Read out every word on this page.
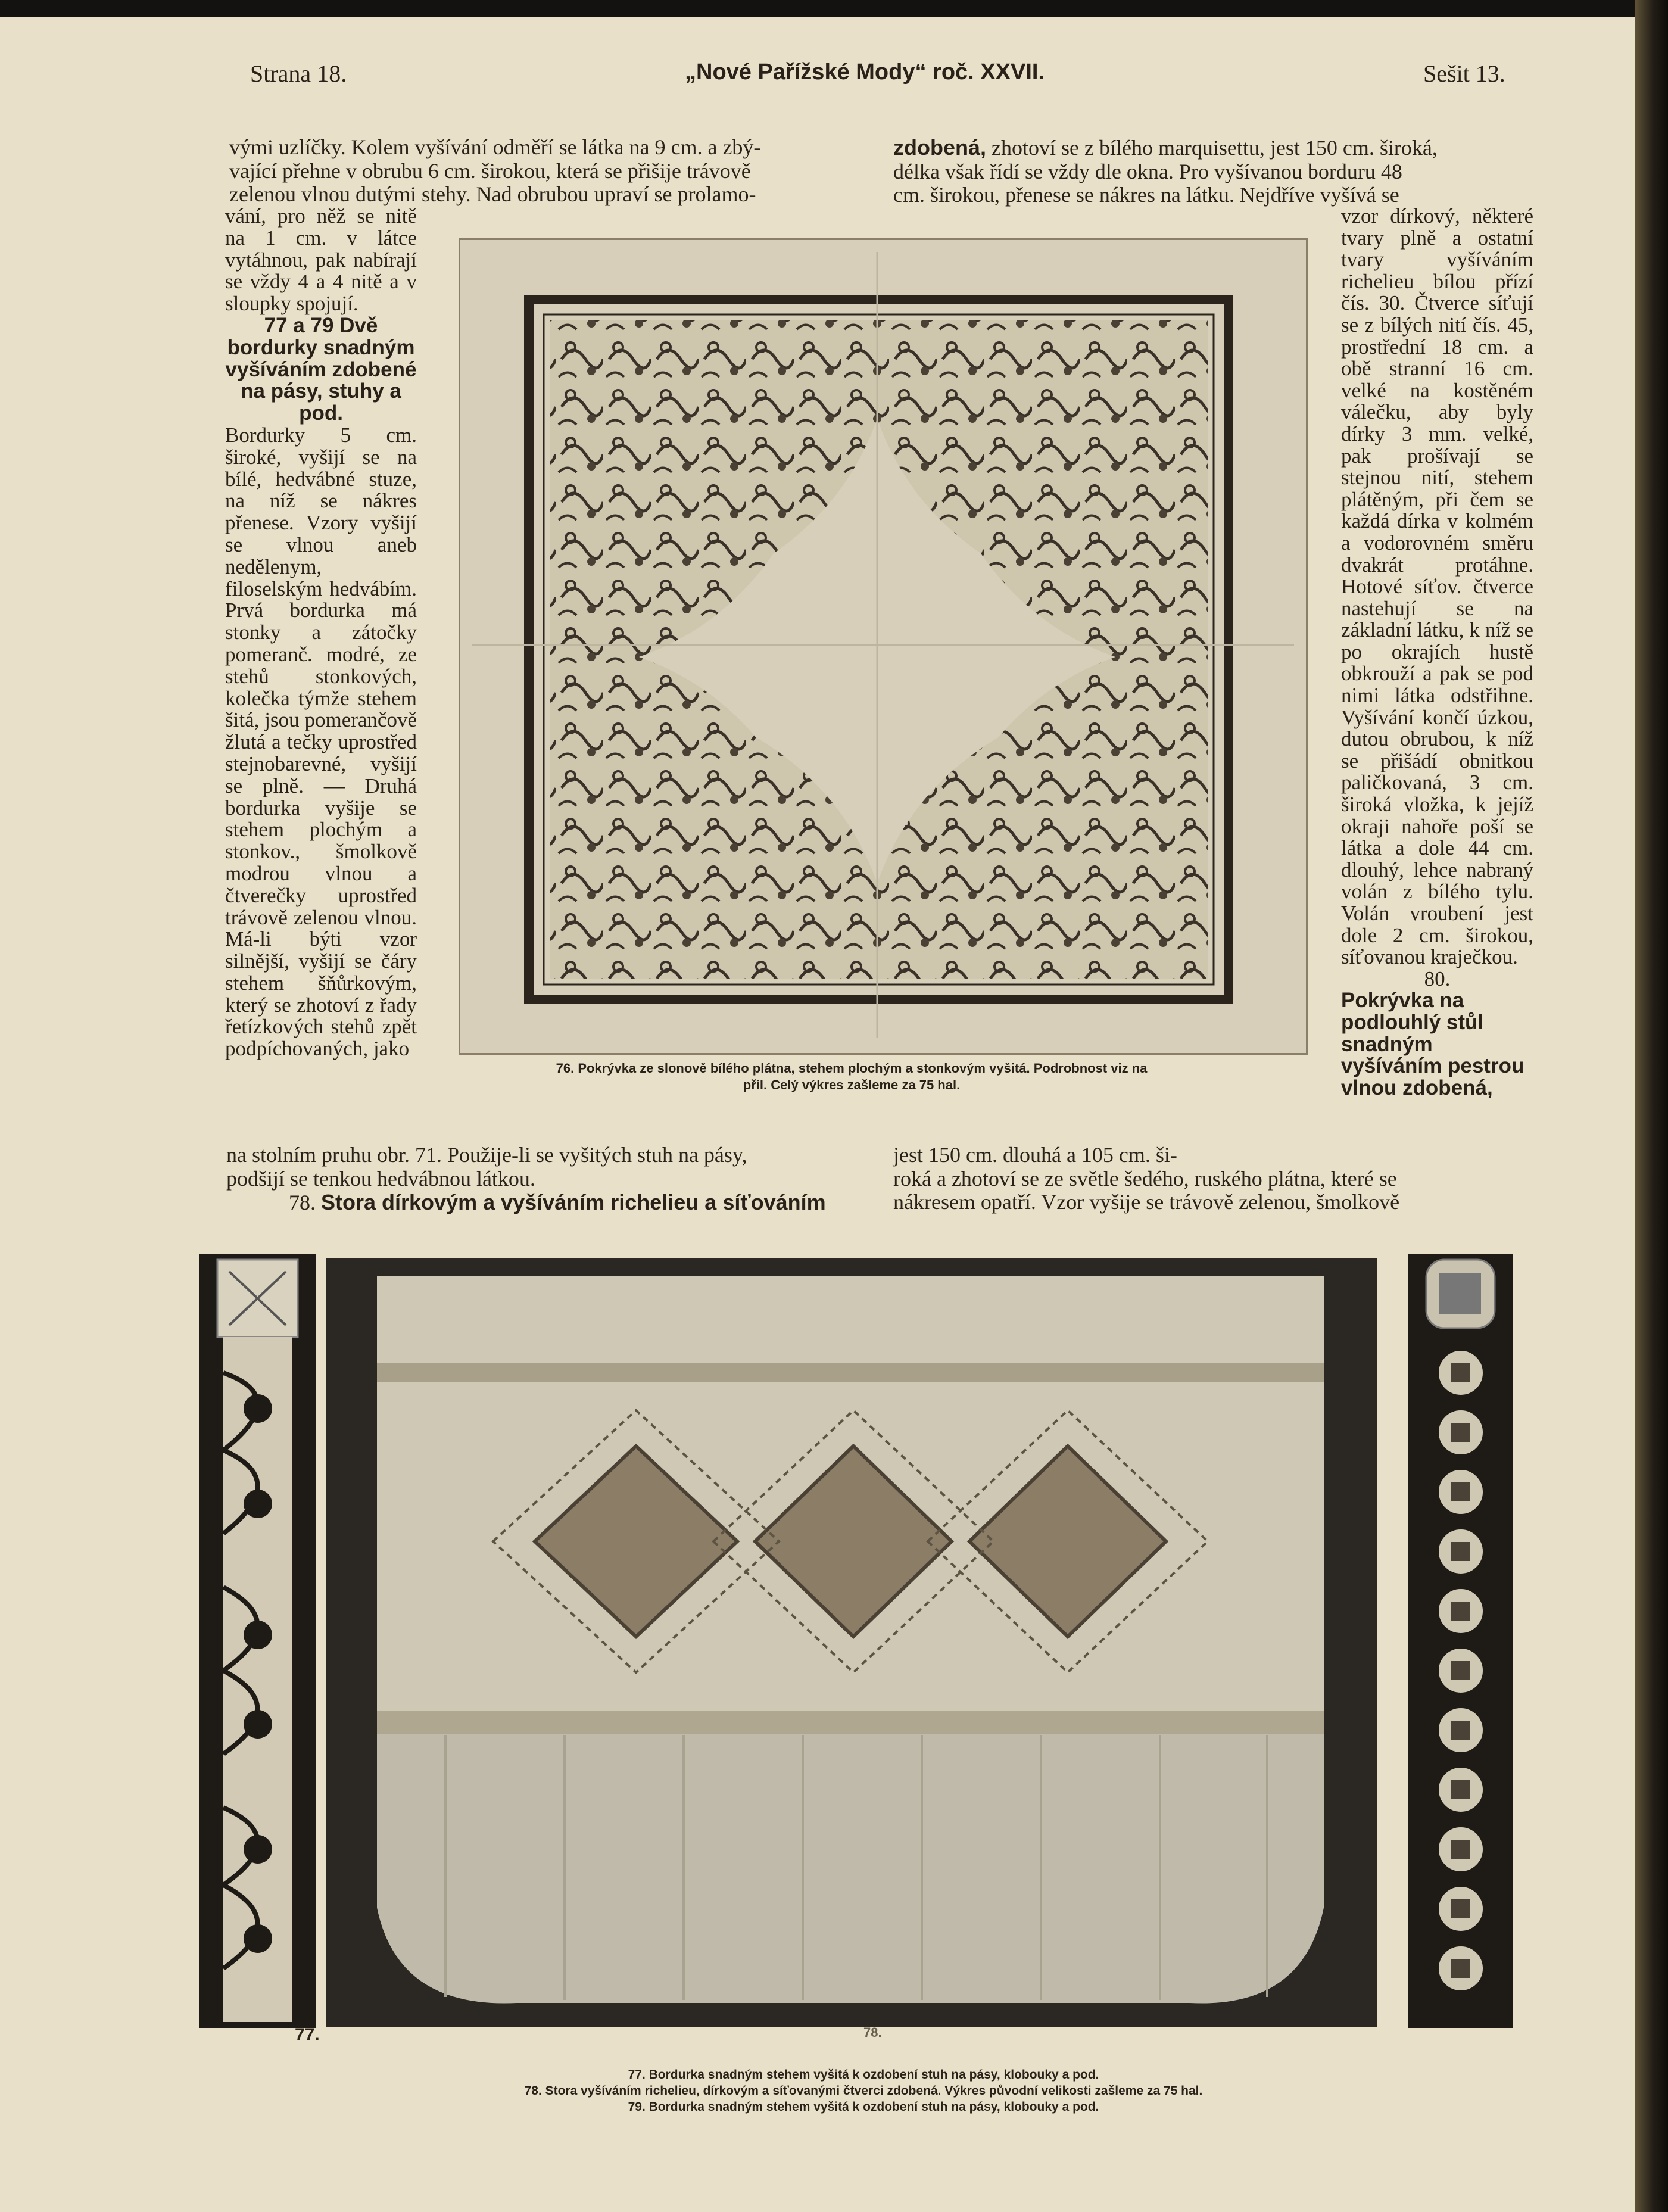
Strana 18.	„Nové Pařížské Mody“ roč. XXVII.	Sešit 13.

vými uzlíčky. Kolem vyšívání odměří se látka na 9 cm. a zbý-

vající přehne v obrubu 6 cm. širokou, která se přišije trávově

zelenou vlnou dutými stehy. Nad obrubou upraví se prolamo-

vání, pro něž se nitě na 1 cm. v látce vytáhnou, pak nabírají se vždy 4 a 4 nitě a v sloupky spojují.

77 a 79 Dvě bordurky snadným vyšíváním zdobené na pásy, stuhy a pod.

Bordurky 5 cm. široké, vyšijí se na bílé, hedvábné stuze, na níž se nákres přenese. Vzory vyšijí se vlnou aneb nedělenym, filoselským hedvábím. Prvá bordurka má stonky a zátočky pomeranč. modré, ze stehů stonkových, kolečka týmže stehem šitá, jsou pomerančově žlutá a tečky uprostřed stejnobarevné, vyšijí se plně. — Druhá bordurka vyšije se stehem plochým a stonkov., šmolkově modrou vlnou a čtverečky uprostřed trávově zelenou vlnou. Má-li býti vzor silnější, vyšijí se čáry stehem šňůrkovým, který se zhotoví z řady řetízkových stehů zpět podpíchovaných, jako

na stolním pruhu obr. 71. Použije-li se vyšitých stuh na pásy,

podšijí se tenkou hedvábnou látkou.

78. Stora dírkovým a vyšíváním richelieu a síťováním

zdobená, zhotoví se z bílého marquisettu, jest 150 cm. široká,

délka však řídí se vždy dle okna. Pro vyšívanou borduru 48

cm. širokou, přenese se nákres na látku. Nejdříve vyšívá se

vzor dírkový, některé tvary plně a ostatní tvary vyšíváním richelieu bílou přízí čís. 30. Čtverce síťují se z bílých nití čís. 45, prostřední 18 cm. a obě stranní 16 cm. velké na kostěném válečku, aby byly dírky 3 mm. velké, pak prošívají se stejnou nití, stehem plátěným, při čem se každá dírka v kolmém a vodorovném směru dvakrát protáhne. Hotové síťov. čtverce nastehují se na základní látku, k níž se po okrajích hustě obkrouží a pak se pod nimi látka odstřihne. Vyšívání končí úzkou, dutou obrubou, k níž se přišádí obnitkou paličkovaná, 3 cm. široká vložka, k jejíž okraji nahoře poší se látka a dole 44 cm. dlouhý, lehce nabraný volán z bílého tylu. Volán vroubení jest dole 2 cm. širokou, síťovanou kraječkou.

80.

Pokrývka na podlouhlý stůl snadným vyšíváním pestrou vlnou zdobená,

jest 150 cm. dlouhá a 105 cm. ši-

roká a zhotoví se ze světle šedého, ruského plátna, které se

nákresem opatří. Vzor vyšije se trávově zelenou, šmolkově

76. Pokrývka ze slonově bílého plátna, stehem plochým a stonkovým vyšitá. Podrobnost viz na
přil. Celý výkres zašleme za 75 hal.
77.	78.
77. Bordurka snadným stehem vyšitá k ozdobení stuh na pásy, klobouky a pod.
78. Stora vyšíváním richelieu, dírkovým a síťovanými čtverci zdobená. Výkres původní velikosti zašleme za 75 hal.
79. Bordurka snadným stehem vyšitá k ozdobení stuh na pásy, klobouky a pod.
